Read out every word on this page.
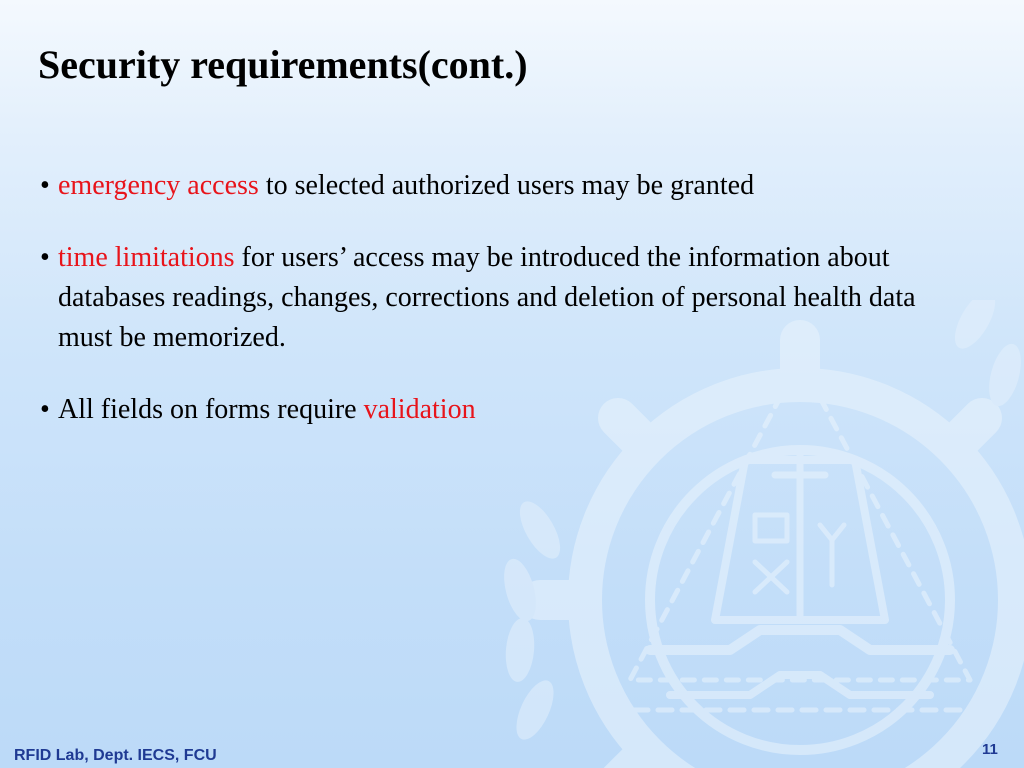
Security requirements(cont.)
• emergency access to selected authorized users may be granted
• time limitations for users’ access may be introduced the information about databases readings, changes, corrections and deletion of personal health data must be memorized.
• All fields on forms require validation
RFID Lab, Dept. IECS, FCU	11
